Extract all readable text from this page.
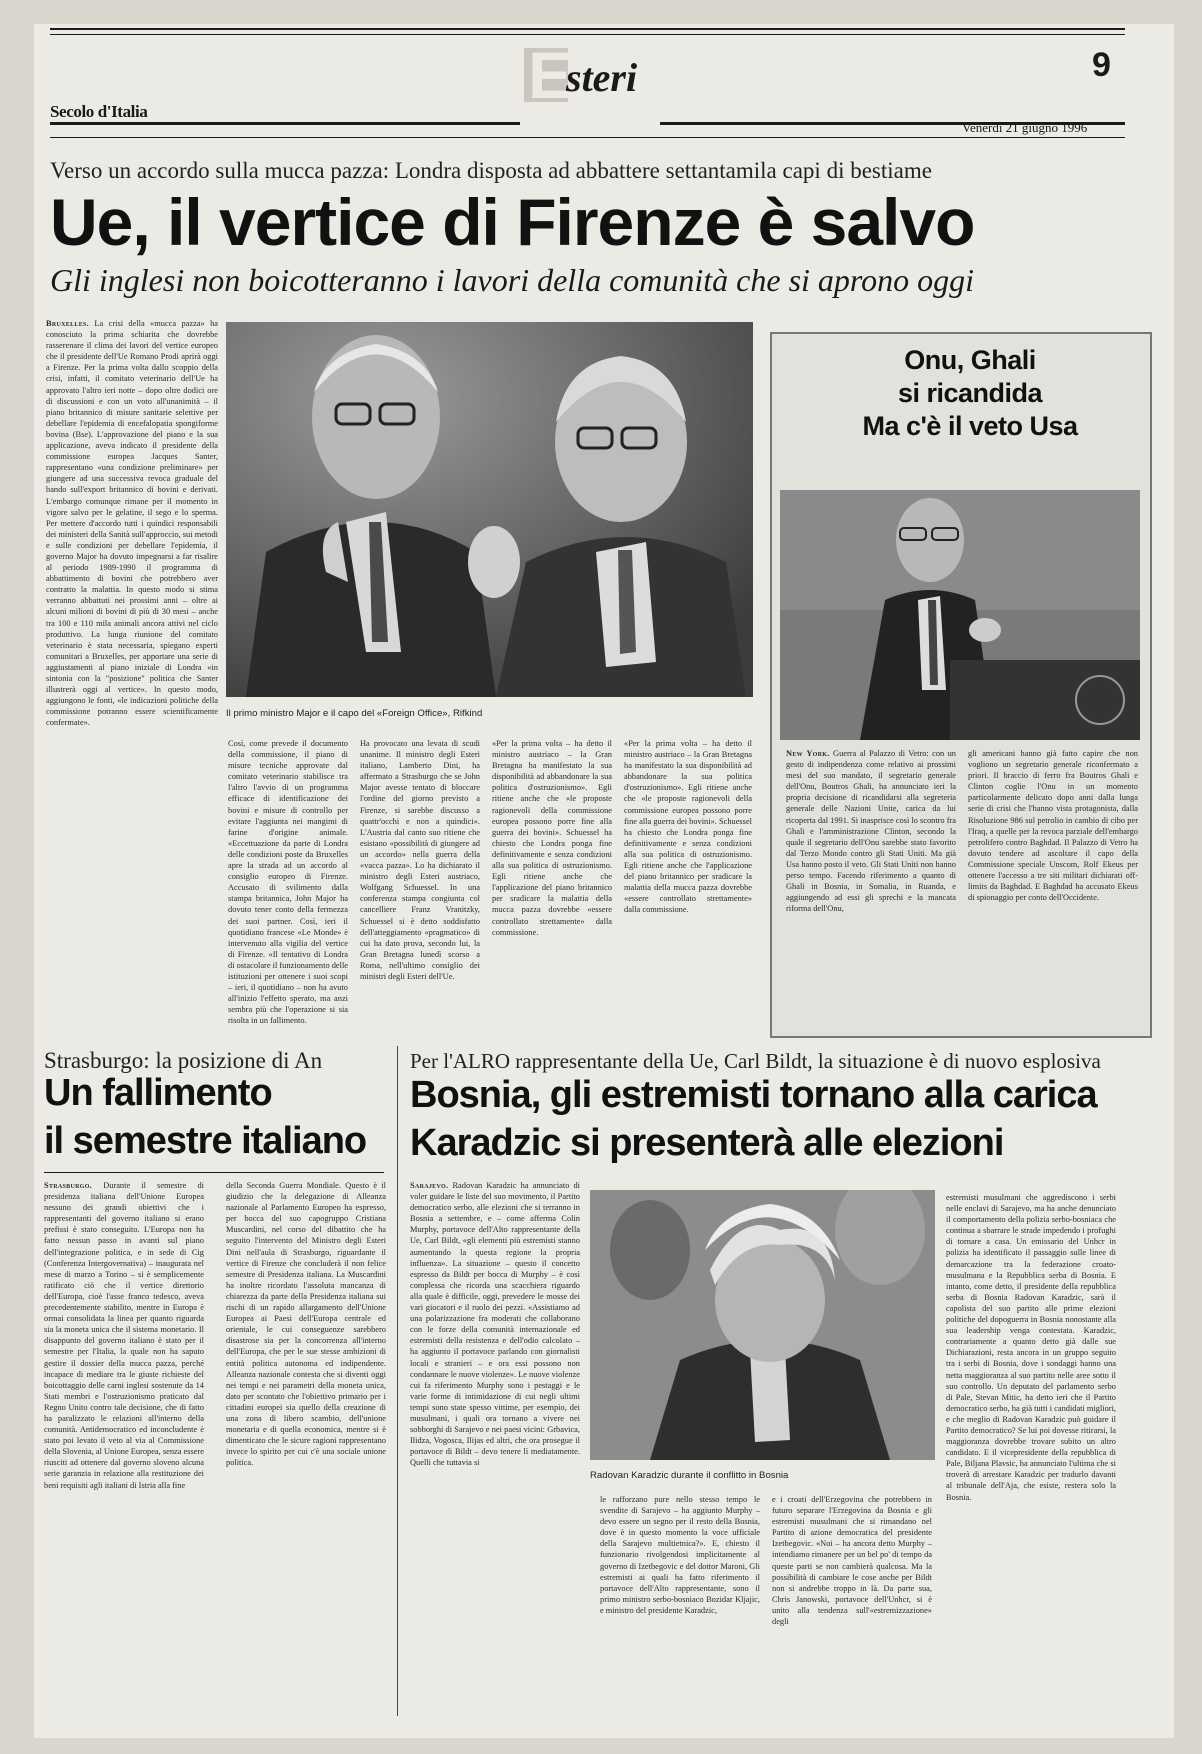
Secolo d'Italia	E
steri	9
Venerdì 21 giugno 1996
Verso un accordo sulla mucca pazza: Londra disposta ad abbattere settantamila capi di bestiame
Ue, il vertice di Firenze è salvo
Gli inglesi non boicotteranno i lavori della comunità che si aprono oggi

Bruxelles. La crisi della «mucca pazza» ha conosciuto la prima schiarita che dovrebbe rasserenare il clima dei lavori del vertice europeo che il presidente dell'Ue Romano Prodi aprirà oggi a Firenze. Per la prima volta dallo scoppio della crisi, infatti, il comitato veterinario dell'Ue ha approvato l'altro ieri notte – dopo oltre dodici ore di discussioni e con un voto all'unanimità – il piano britannico di misure sanitarie selettive per debellare l'epidemia di encefalopatia spongiforme bovina (Bse). L'approvazione del piano e la sua applicazione, aveva indicato il presidente della commissione europea Jacques Santer, rappresentano «una condizione preliminare» per giungere ad una successiva revoca graduale del bando sull'export britannico di bovini e derivati. L'embargo comunque rimane per il momento in vigore salvo per le gelatine, il sego e lo sperma. Per mettere d'accordo tutti i quindici responsabili dei ministeri della Sanità sull'approccio, sui metodi e sulle condizioni per debellare l'epidemia, il governo Major ha dovuto impegnarsi a far risalire al periodo 1989-1990 il programma di abbattimento di bovini che potrebbero aver contratto la malattia. In questo modo si stima verranno abbattuti nei prossimi anni – oltre ai alcuni milioni di bovini di più di 30 mesi – anche tra 100 e 110 mila animali ancora attivi nel ciclo produttivo. La lunga riunione del comitato veterinario è stata necessaria, spiegano esperti comunitari a Bruxelles, per apportare una serie di aggiustamenti al piano iniziale di Londra «in sintonia con la "posizione" politica che Santer illustrerà oggi al vertice». In questo modo, aggiungono le fonti, «le indicazioni politiche della commissione potranno essere scientificamente confermate».

Il primo ministro Major e il capo del «Foreign Office», Rifkind
Così, come prevede il documento della commissione, il piano di misure tecniche approvate dal comitato veterinario stabilisce tra l'altro l'avvio di un programma efficace di identificazione dei bovini e misure di controllo per evitare l'aggiunta nei mangimi di farine d'origine animale. «Eccettuazione da parte di Londra delle condizioni poste da Bruxelles apre la strada ad un accordo al consiglio europeo di Firenze. Accusato di svilimento dalla stampa britannica, John Major ha dovuto tener conto della fermezza dei suoi partner. Così, ieri il quotidiano francese «Le Monde» è intervenuto alla vigilia del vertice di Firenze. «Il tentativo di Londra di ostacolare il funzionamento delle istituzioni per ottenere i suoi scopi – ieri, il quotidiano – non ha avuto all'inizio l'effetto sperato, ma anzi sembra più che l'operazione si sia risolta in un fallimento.
Ha provocato una levata di scudi unanime. Il ministro degli Esteri italiano, Lamberto Dini, ha affermato a Strasburgo che se John Major avesse tentato di bloccare l'ordine del giorno previsto a Firenze, si sarebbe discusso a quattr'occhi e non a quindici». L'Austria dal canto suo ritiene che esistano «possibilità di giungere ad un accordo» nella guerra della «vacca pazza». Lo ha dichiarato il ministro degli Esteri austriaco, Wolfgang Schuessel. In una conferenza stampa congiunta col cancelliere Franz Vranitzky, Schuessel si è detto soddisfatto dell'atteggiamento «pragmatico» di cui ha dato prova, secondo lui, la Gran Bretagna lunedì scorso a Roma, nell'ultimo consiglio dei ministri degli Esteri dell'Ue.
«Per la prima volta – ha detto il ministro austriaco – la Gran Bretagna ha manifestato la sua disponibilità ad abbandonare la sua politica d'ostruzionismo». Egli ritiene anche che «le proposte ragionevoli della commissione europea possono porre fine alla guerra dei bovini». Schuessel ha chiesto che Londra ponga fine definitivamente e senza condizioni alla sua politica di ostruzionismo. Egli ritiene anche che l'applicazione del piano britannico per sradicare la malattia della mucca pazza dovrebbe «essere controllato strettamente» dalla commissione.
«Per la prima volta – ha detto il ministro austriaco – la Gran Bretagna ha manifestato la sua disponibilità ad abbandonare la sua politica d'ostruzionismo». Egli ritiene anche che «le proposte ragionevoli della commissione europea possono porre fine alla guerra dei bovini». Schuessel ha chiesto che Londra ponga fine definitivamente e senza condizioni alla sua politica di ostruzionismo. Egli ritiene anche che l'applicazione del piano britannico per sradicare la malattia della mucca pazza dovrebbe «essere controllato strettamente» dalla commissione.
Onu, Ghali
si ricandida
Ma c'è il veto Usa

New York. Guerra al Palazzo di Vetro: con un gesto di indipendenza come relativo ai prossimi mesi del suo mandato, il segretario generale dell'Onu, Boutros Ghali, ha annunciato ieri la propria decisione di ricandidarsi alla segreteria generale delle Nazioni Unite, carica da lui ricoperta dal 1991. Si inasprisce così lo scontro fra Ghali e l'amministrazione Clinton, secondo la quale il segretario dell'Onu sarebbe stato favorito dal Terzo Mondo contro gli Stati Uniti. Ma già Usa hanno posto il veto. Gli Stati Uniti non hanno perso tempo. Facendo riferimento a quanto di Ghali in Bosnia, in Somalia, in Ruanda, e aggiungendo ad essi gli sprechi e la mancata riforma dell'Onu,

gli americani hanno già fatto capire che non vogliono un segretario generale riconfermato a priori. Il braccio di ferro fra Boutros Ghali e Clinton coglie l'Onu in un momento particolarmente delicato dopo anni dalla lunga serie di crisi che l'hanno vista protagonista, dalla Risoluzione 986 sul petrolio in cambio di cibo per l'Iraq, a quelle per la revoca parziale dell'embargo petrolifero contro Baghdad. Il Palazzo di Vetro ha dovuto tendere ad ascoltare il capo della Commissione speciale Unscom, Rolf Ekeus per ottenere l'accesso a tre siti militari dichiarati off-limits da Baghdad. E Baghdad ha accusato Ekeus di spionaggio per conto dell'Occidente.
Strasburgo: la posizione di An
Un fallimento
il semestre italiano

Strasburgo. Durante il semestre di presidenza italiana dell'Unione Europea nessuno dei grandi obiettivi che i rappresentanti del governo italiano si erano prefissi è stato conseguito. L'Europa non ha fatto nessun passo in avanti sul piano dell'integrazione politica, e in sede di Cig (Conferenza Intergovernativa) – inaugurata nel mese di marzo a Torino – si è semplicemente ratificato ciò che il vertice direttorio dell'Europa, cioè l'asse franco tedesco, aveva precedentemente stabilito, mentre in Europa è ormai consolidata la linea per quanto riguarda sia la moneta unica che il sistema monetario. Il disappunto del governo italiano è stato per il semestre per l'Italia, la quale non ha saputo gestire il dossier della mucca pazza, perché incapace di mediare tra le giuste richieste del boicottaggio delle carni inglesi sostenute da 14 Stati membri e l'ostruzionismo praticato dal Regno Unito contro tale decisione, che di fatto ha paralizzato le relazioni all'interno della comunità. Antidemocratico ed inconcludente è stato poi levato il veto al via al Commissione della Slovenia, al Unione Europea, senza essere riusciti ad ottenere dal governo sloveno alcuna serie garanzia in relazione alla restituzione dei beni requisiti agli italiani di Istria alla fine

della Seconda Guerra Mondiale. Questo è il giudizio che la delegazione di Alleanza nazionale al Parlamento Europeo ha espresso, per bocca del suo capogruppo Cristiana Muscardini, nel corso del dibattito che ha seguito l'intervento del Ministro degli Esteri Dini nell'aula di Strasburgo, riguardante il vertice di Firenze che concluderà il non felice semestre di Presidenza italiana. La Muscardini ha inoltre ricordato l'assoluta mancanza di chiarezza da parte della Presidenza italiana sui rischi di un rapido allargamento dell'Unione Europea ai Paesi dell'Europa centrale ed orientale, le cui conseguenze sarebbero disastrose sia per la concorrenza all'interno dell'Europa, che per le sue stesse ambizioni di entità politica autonoma ed indipendente. Alleanza nazionale contesta che si diventi oggi nei tempi e nei parametri della moneta unica, dato per scontato che l'obiettivo primario per i cittadini europei sia quello della creazione di una zona di libero scambio, dell'unione monetaria e di quella economica, mentre si è dimenticato che le sicure ragioni rappresentano invece lo spirito per cui c'è una sociale unione politica.
Per l'ALRO rappresentante della Ue, Carl Bildt, la situazione è di nuovo esplosiva
Bosnia, gli estremisti tornano alla carica
Karadzic si presenterà alle elezioni

Sarajevo. Radovan Karadzic ha annunciato di voler guidare le liste del suo movimento, il Partito democratico serbo, alle elezioni che si terranno in Bosnia a settembre, e – come afferma Colin Murphy, portavoce dell'Alto rappresentante della Ue, Carl Bildt, «gli elementi più estremisti stanno aumentando la questa regione la propria influenza». La situazione – questo il concetto espresso da Bildt per bocca di Murphy – è così complessa che ricorda una scacchiera riguardo alla quale è difficile, oggi, prevedere le mosse dei vari giocatori e il ruolo dei pezzi. «Assistiamo ad una polarizzazione fra moderati che collaborano con le forze della comunità internazionale ed estremisti della resistenza e dell'odio calcolato – ha aggiunto il portavoce parlando con giornalisti locali e stranieri – e ora essi possono non condannare le nuove violenze». Le nuove violenze cui fa riferimento Murphy sono i pestaggi e le varie forme di intimidazione di cui negli ultimi tempi sono state spesso vittime, per esempio, dei musulmani, i quali ora tornano a vivere nei sobborghi di Sarajevo e nei paesi vicini: Grbavica, Ilidza, Vogosca, Ilijas ed altri, che ora prosegue il portavoce di Bildt – devo tenere lì mediatamente. Quelli che tuttavia si

Radovan Karadzic durante il conflitto in Bosnia
le rafforzano pure nello stesso tempo le svendite di Sarajevo – ha aggiunto Murphy – devo essere un segno per il resto della Bosnia, dove è in questo momento la voce ufficiale della Sarajevo multietnica?». E, chiesto il funzionario rivolgendosi implicitamente al governo di Izetbegovic e del dottor Maroni, Gli estremisti ai quali ha fatto riferimento il portavoce dell'Alto rappresentante, sono il primo ministro serbo-bosniaco Bozidar Kljajic, e ministro del presidente Karadzic,
e i croati dell'Erzegovina che potrebbero in futuro separare l'Erzegovina da Bosnia e gli estremisti musulmani che si rimandano nel Partito di azione democratica del presidente Izetbegovic. «Noi – ha ancora detto Murphy – intendiamo rimanere per un bel po' di tempo da queste parti se non cambierà qualcosa. Ma la possibilità di cambiare le cose anche per Bildt non si andrebbe troppo in là. Da parte sua, Chris Janowski, portavoce dell'Unhcr, si è unito alla tendenza sull'«estremizzazione» degli
estremisti musulmani che aggrediscono i serbi nelle enclavi di Sarajevo, ma ha anche denunciato il comportamento della polizia serbo-bosniaca che continua a sbarrare le strade impedendo i profughi di tornare a casa. Un emissario del Unhcr in polizia ha identificato il passaggio sulle linee di demarcazione tra la federazione croato-musulmana e la Repubblica serba di Bosnia. E intanto, come detto, il presidente della repubblica serba di Bosnia Radovan Karadzic, sarà il capolista del suo partito alle prime elezioni politiche del dopoguerra in Bosnia nonostante alla sua leadership venga contestata. Karadzic, contrariamente a quanto detto già dalle sue Dichiarazioni, resta ancora in un gruppo seguito tra i serbi di Bosnia, dove i sondaggi hanno una netta maggioranza al suo partito nelle aree sotto il suo controllo. Un deputato del parlamento serbo di Pale, Stevan Mitic, ha detto ieri che il Partito democratico serbo, ha già tutti i candidati migliori, e che meglio di Radovan Karadzic può guidare il Partito democratico? Se lui poi dovesse ritirarsi, la maggioranza dovrebbe trovare subito un altro candidato. E il vicepresidente della repubblica di Pale, Biljana Plavsic, ha annunciato l'ultima che si troverà di arrestare Karadzic per tradurlo davanti al tribunale dell'Aja, che esiste, restera solo la Bosnia.
